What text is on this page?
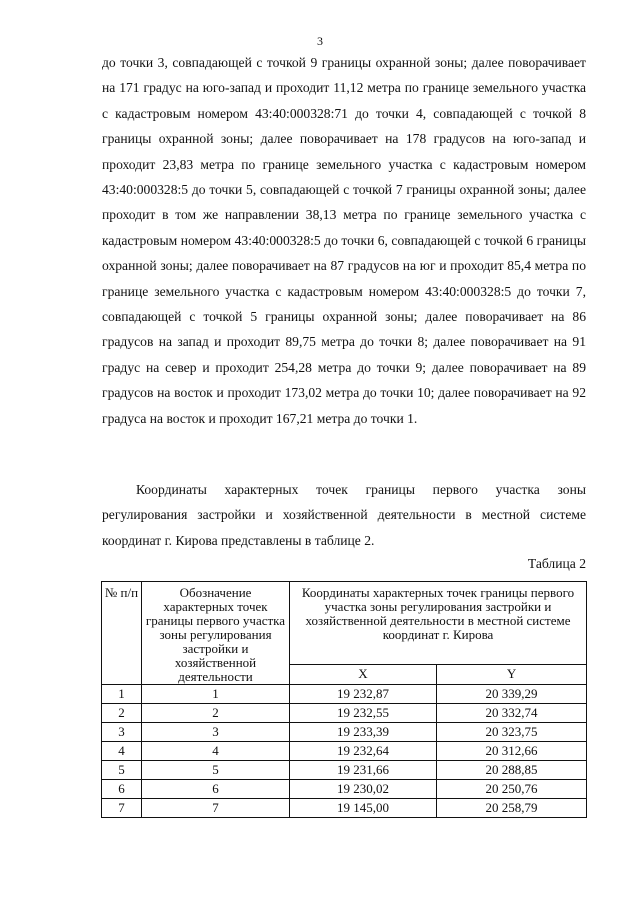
3

до точки 3, совпадающей с точкой 9 границы охранной зоны; далее поворачивает на 171 градус на юго-запад и проходит 11,12 метра по границе земельного участка с кадастровым номером 43:40:000328:71 до точки 4, совпадающей с точкой 8 границы охранной зоны; далее поворачивает на 178 градусов на юго-запад и проходит 23,83 метра по границе земельного участка с кадастровым номером 43:40:000328:5 до точки 5, совпадающей с точкой 7 границы охранной зоны; далее проходит в том же направлении 38,13 метра по границе земельного участка с кадастровым номером 43:40:000328:5 до точки 6, совпадающей с точкой 6 границы охранной зоны; далее поворачивает на 87 градусов на юг и проходит 85,4 метра по границе земельного участка с кадастровым номером 43:40:000328:5 до точки 7, совпадающей с точкой 5 границы охранной зоны; далее поворачивает на 86 градусов на запад и проходит 89,75 метра до точки 8; далее поворачивает на 91 градус на север и проходит 254,28 метра до точки 9; далее поворачивает на 89 градусов на восток и проходит 173,02 метра до точки 10; далее поворачивает на 92 градуса на восток и проходит 167,21 метра до точки 1.

Координаты характерных точек границы первого участка зоны регулирования застройки и хозяйственной деятельности в местной системе координат г. Кирова представлены в таблице 2.

Таблица 2
№ п/п	Обозначение характерных точек границы первого участка зоны регулирования застройки и хозяйственной деятельности	Координаты характерных точек границы первого участка зоны регулирования застройки и хозяйственной деятельности в местной системе координат г. Кирова	
		X	Y
1	1	19 232,87	20 339,29
2	2	19 232,55	20 332,74
3	3	19 233,39	20 323,75
4	4	19 232,64	20 312,66
5	5	19 231,66	20 288,85
6	6	19 230,02	20 250,76
7	7	19 145,00	20 258,79
